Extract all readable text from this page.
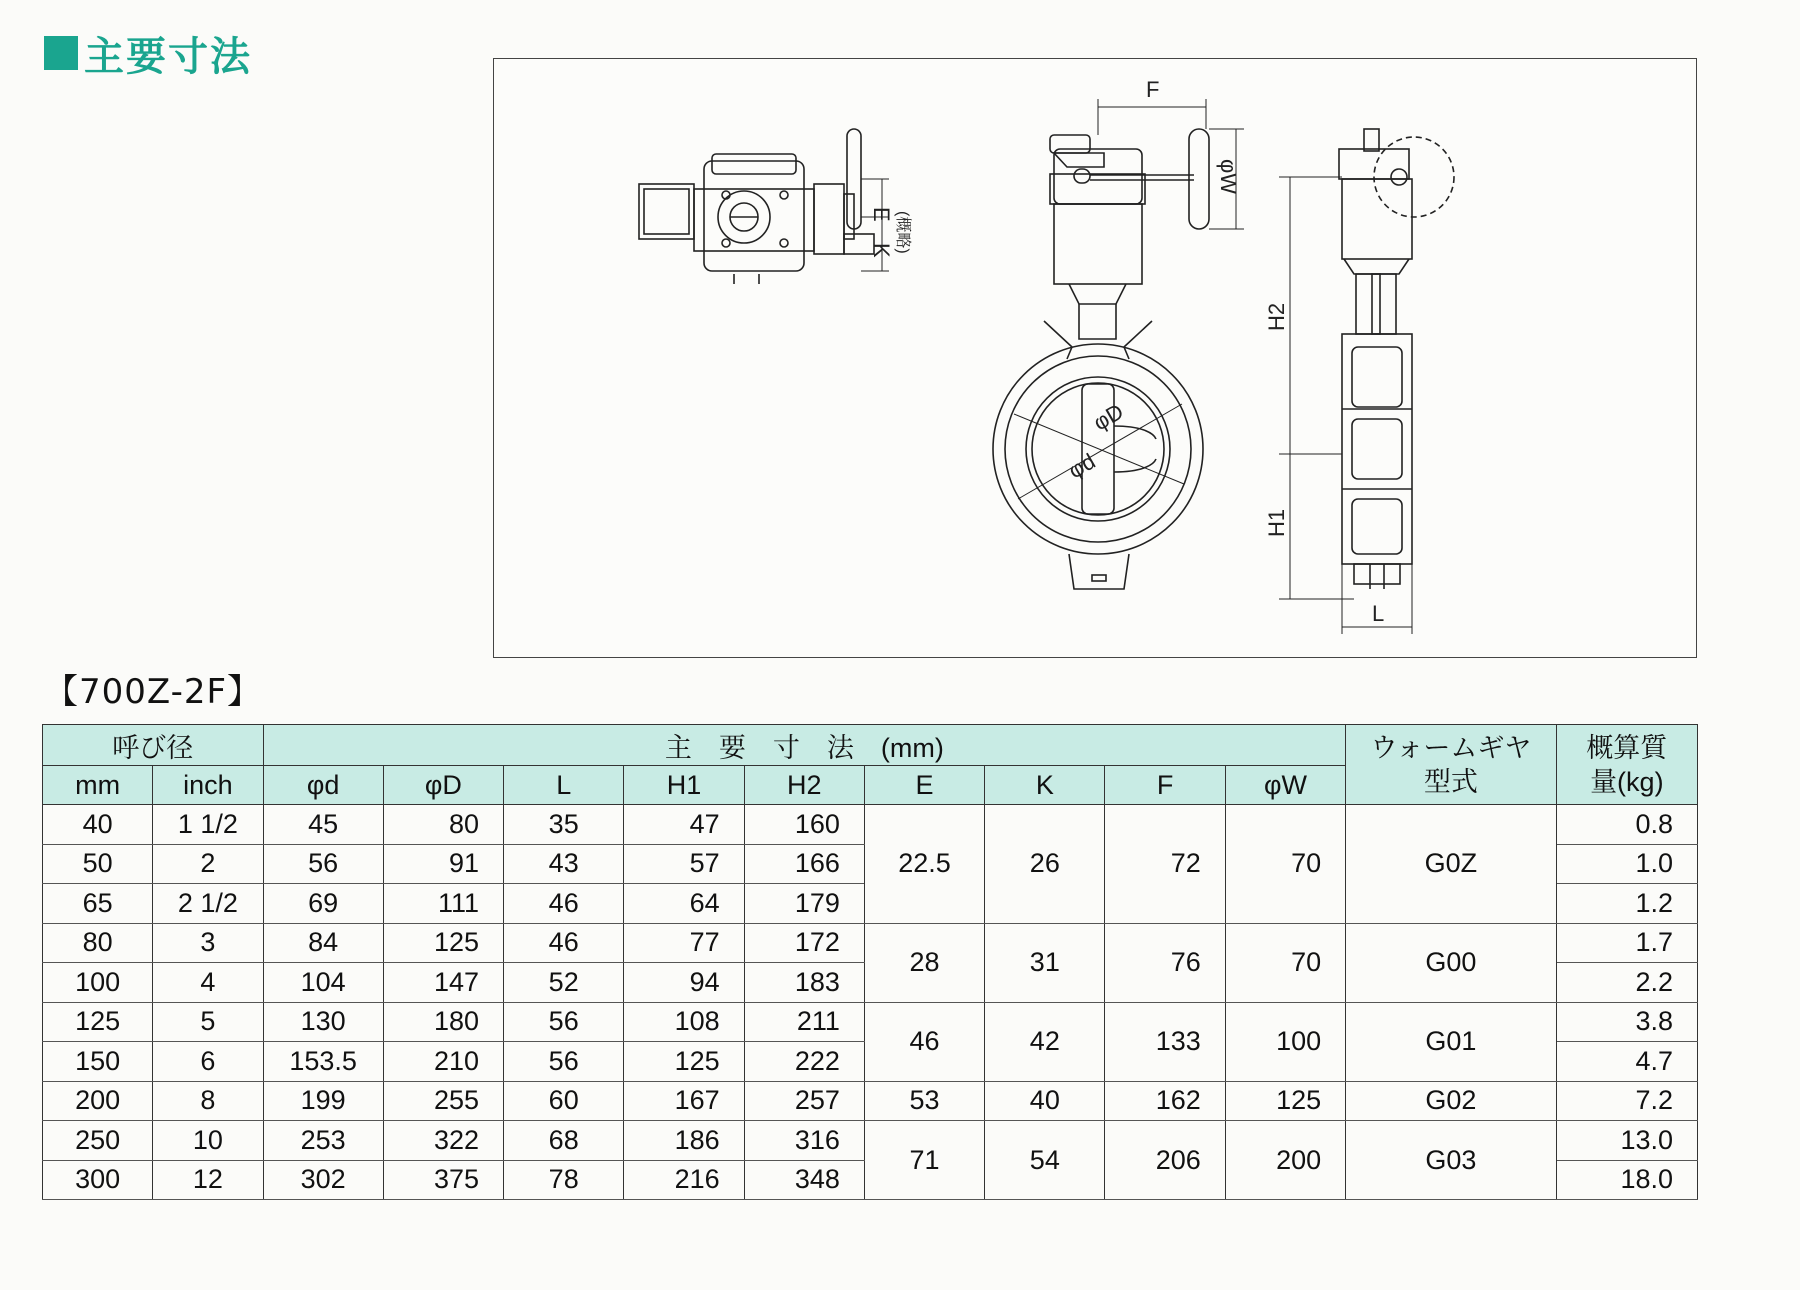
主要寸法
E
K (概略)
F
φW
φD
φd
H2
H1
L
【700Z-2F】
呼び径		主　要　寸　法　(mm)									ウォームギヤ型式	概算質量(kg)
mm	inch	φd	φD	L	H1	H2	E	K	F	φW		
40	1 1/2	45	80	35	47	160	22.5	26	72	70	G0Z	0.8
50	2	56	91	43	57	166						1.0
65	2 1/2	69	111	46	64	179						1.2
80	3	84	125	46	77	172	28	31	76	70	G00	1.7
100	4	104	147	52	94	183						2.2
125	5	130	180	56	108	211	46	42	133	100	G01	3.8
150	6	153.5	210	56	125	222						4.7
200	8	199	255	60	167	257	53	40	162	125	G02	7.2
250	10	253	322	68	186	316	71	54	206	200	G03	13.0
300	12	302	375	78	216	348						18.0
